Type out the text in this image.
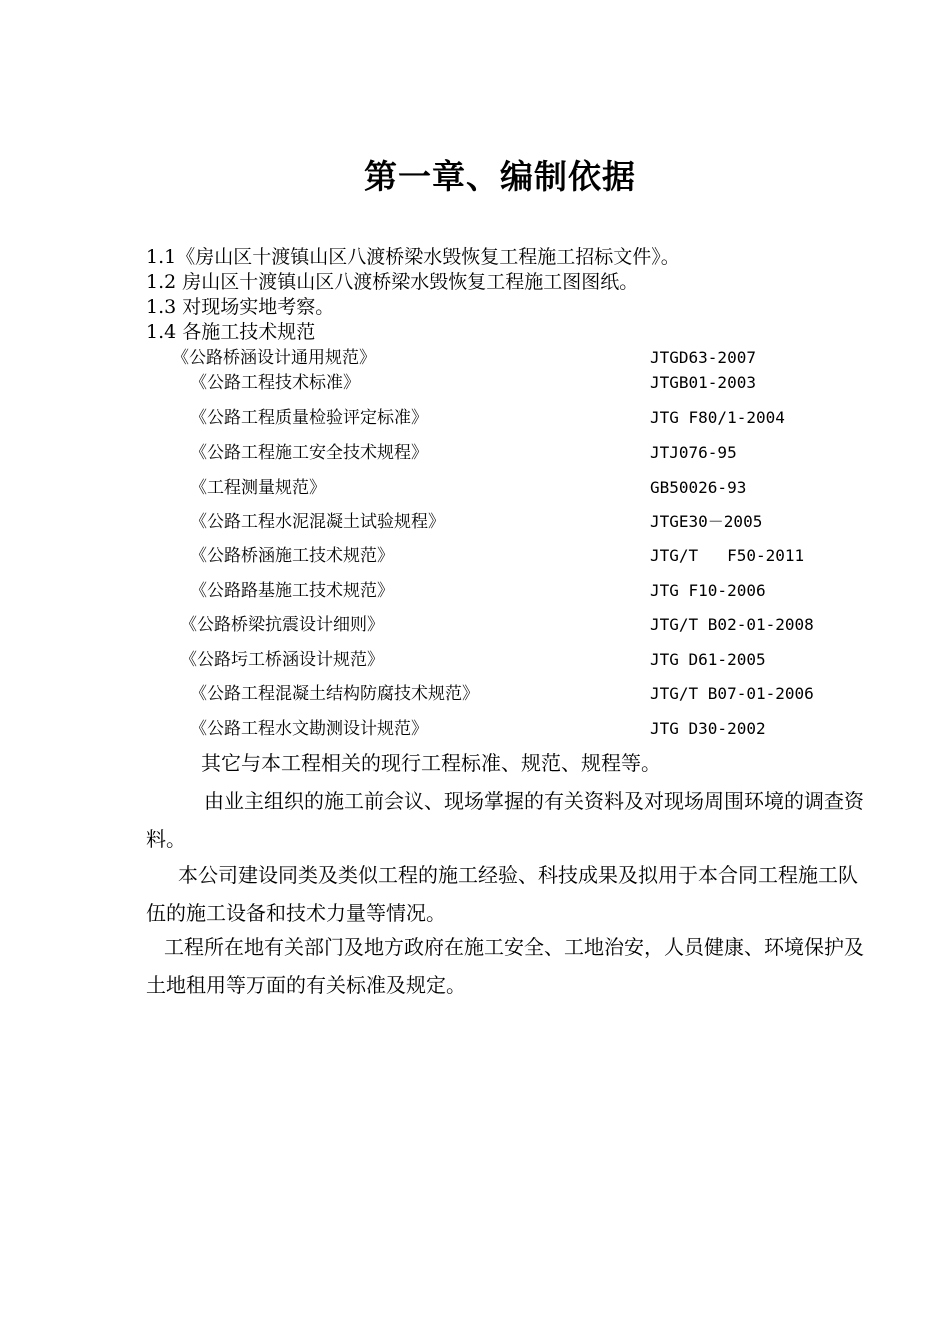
第一章、编制依据
1.1《房山区十渡镇山区八渡桥梁水毁恢复工程施工招标文件》。
1.2 房山区十渡镇山区八渡桥梁水毁恢复工程施工图图纸。
1.3 对现场实地考察。
1.4 各施工技术规范
《公路桥涵设计通用规范》	JTGD63-2007
《公路工程技术标准》	JTGB01-2003
《公路工程质量检验评定标准》	JTG F80/1-2004
《公路工程施工安全技术规程》	JTJ076-95
《工程测量规范》	GB50026-93
《公路工程水泥混凝土试验规程》	JTGE30－2005
《公路桥涵施工技术规范》	JTG/T   F50-2011
《公路路基施工技术规范》	JTG F10-2006
《公路桥梁抗震设计细则》	JTG/T B02-01-2008
《公路圬工桥涵设计规范》	JTG D61-2005
《公路工程混凝土结构防腐技术规范》	JTG/T B07-01-2006
《公路工程水文勘测设计规范》	JTG D30-2002
其它与本工程相关的现行工程标准、规范、规程等。
由业主组织的施工前会议、现场掌握的有关资料及对现场周围环境的调查资料。
本公司建设同类及类似工程的施工经验、科技成果及拟用于本合同工程施工队伍的施工设备和技术力量等情况。
工程所在地有关部门及地方政府在施工安全、工地治安，人员健康、环境保护及土地租用等万面的有关标准及规定。
